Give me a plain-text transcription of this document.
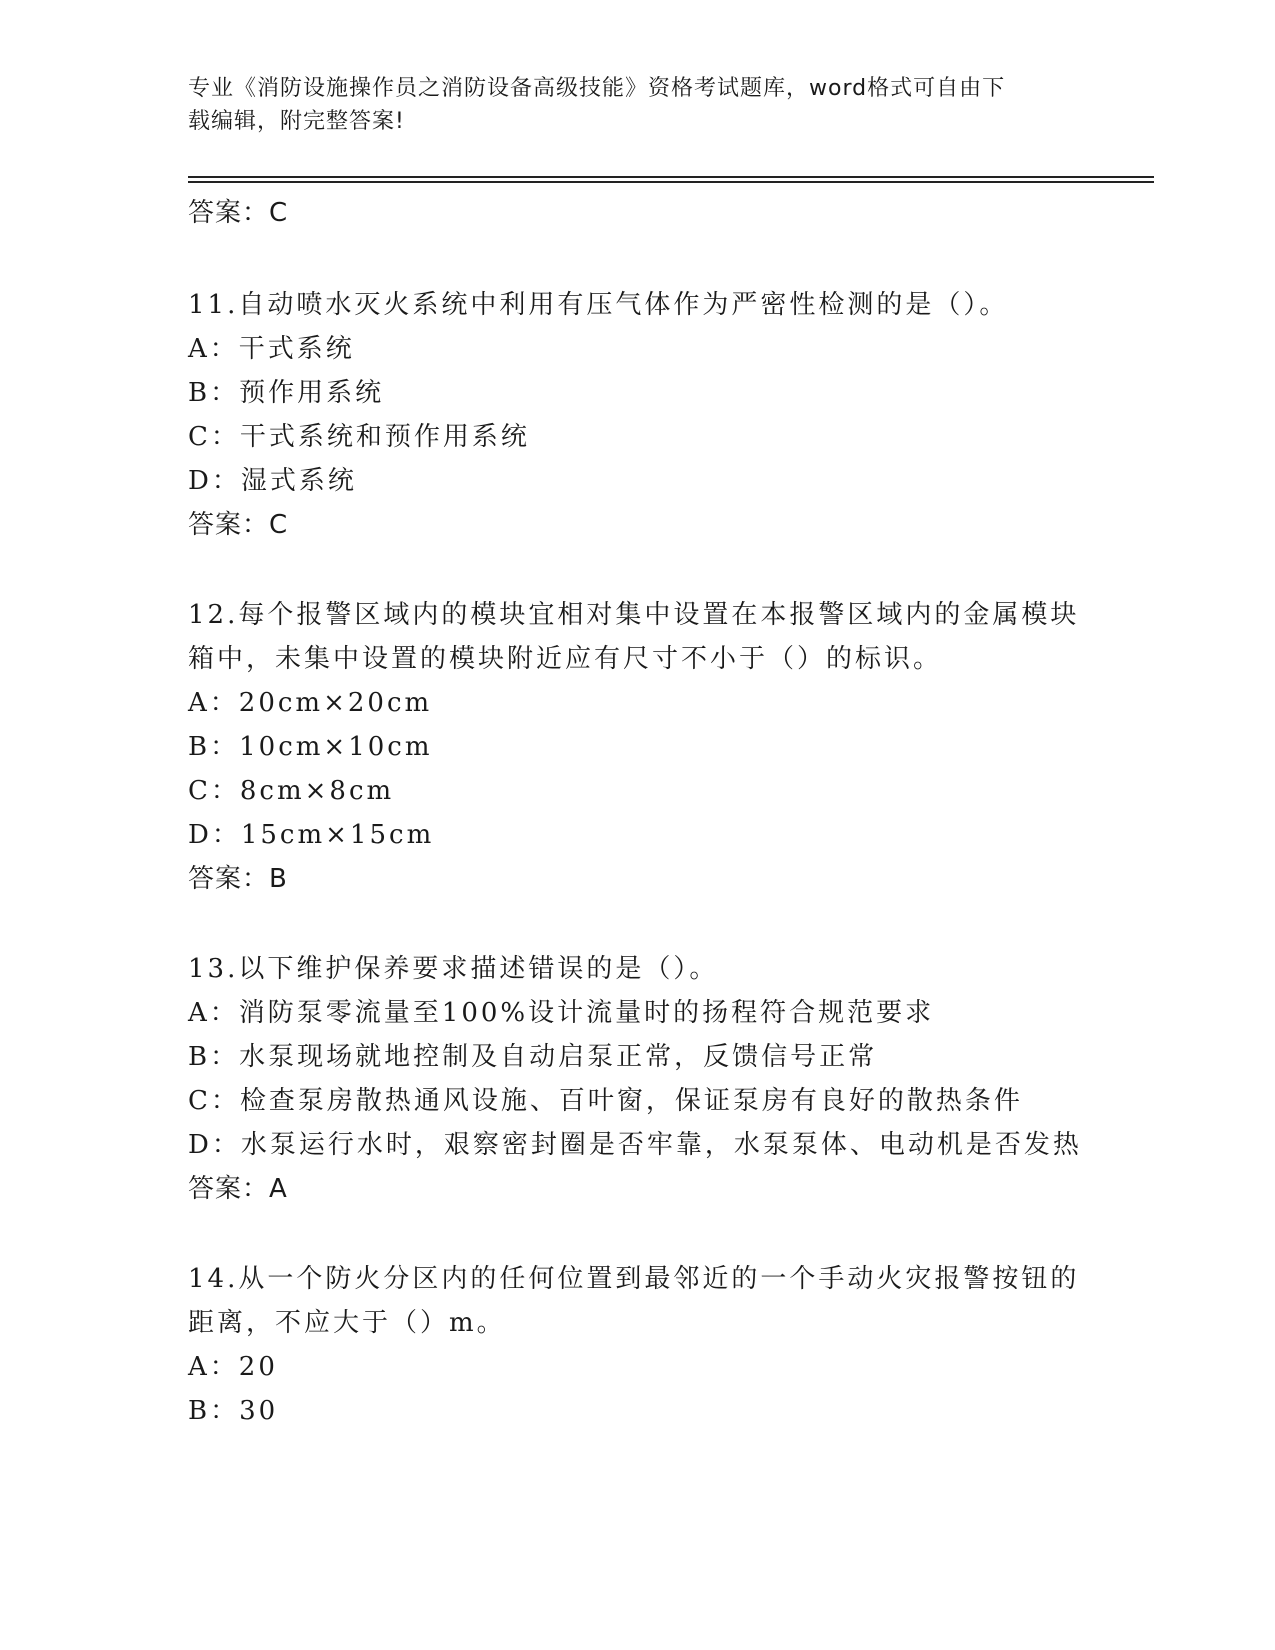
专业《消防设施操作员之消防设备高级技能》资格考试题库，word格式可自由下
载编辑，附完整答案!
答案：C
11.自动喷水灭火系统中利用有压气体作为严密性检测的是（）。
A：干式系统
B：预作用系统
C：干式系统和预作用系统
D：湿式系统
答案：C
12.每个报警区域内的模块宜相对集中设置在本报警区域内的金属模块
箱中，未集中设置的模块附近应有尺寸不小于（）的标识。
A：20cm×20cm
B：10cm×10cm
C：8cm×8cm
D：15cm×15cm
答案：B
13.以下维护保养要求描述错误的是（）。
A：消防泵零流量至100%设计流量时的扬程符合规范要求
B：水泵现场就地控制及自动启泵正常，反馈信号正常
C：检查泵房散热通风设施、百叶窗，保证泵房有良好的散热条件
D：水泵运行水时，艰察密封圈是否牢靠，水泵泵体、电动机是否发热
答案：A
14.从一个防火分区内的任何位置到最邻近的一个手动火灾报警按钮的
距离，不应大于（）m。
A：20
B：30
